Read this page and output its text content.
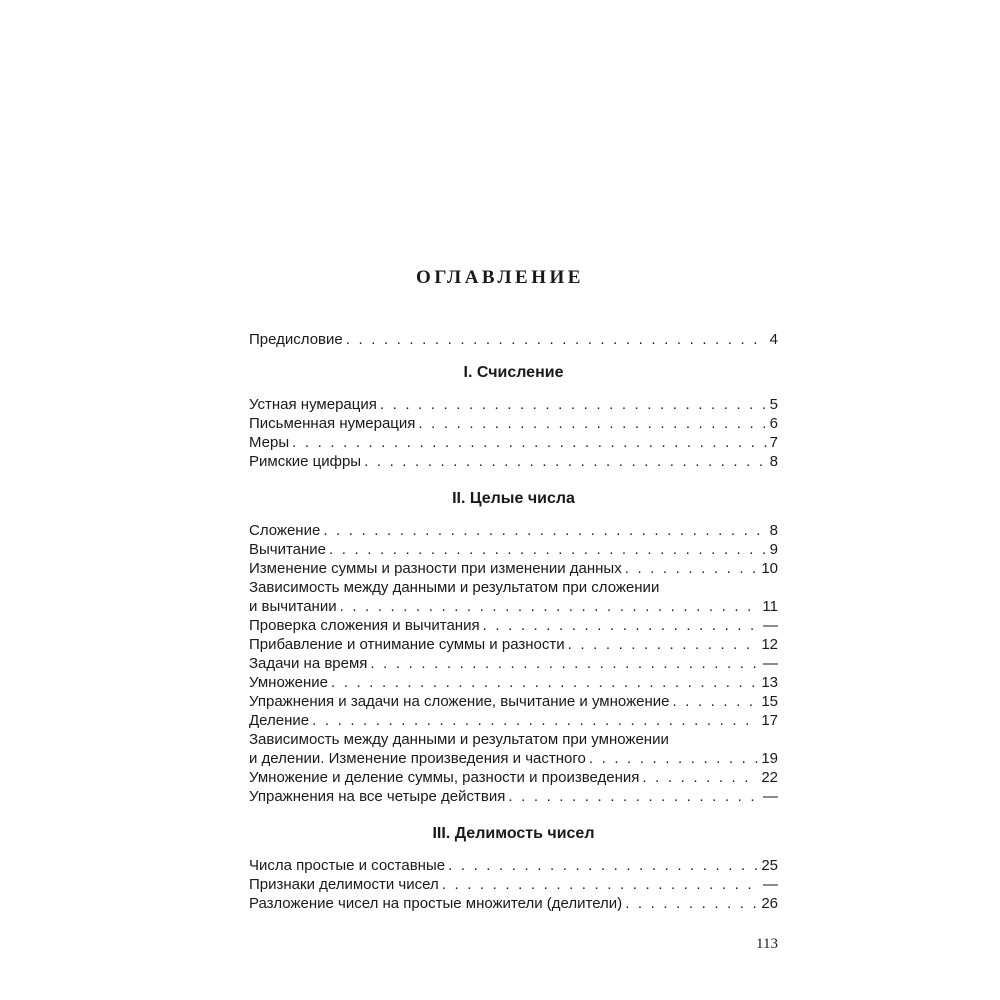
ОГЛАВЛЕНИЕ
Предисловие . . .	4
I. Счисление
Устная нумерация . . .	5
Письменная нумерация . . .	6
Меры . . .	7
Римские цифры . . .	8
II. Целые числа
Сложение . . .	8
Вычитание . . .	9
Изменение суммы и разности при изменении данных . . .	10
Зависимость между данными и результатом при сложении
и вычитании . . .	11
Проверка сложения и вычитания . . .	—
Прибавление и отнимание суммы и разности . . .	12
Задачи на время . . .	—
Умножение . . .	13
Упражнения и задачи на сложение, вычитание и умножение . . .	15
Деление . . .	17
Зависимость между данными и результатом при умножении
и делении. Изменение произведения и частного . . .	19
Умножение и деление суммы, разности и произведения . . .	22
Упражнения на все четыре действия . . .	—
III. Делимость чисел
Числа простые и составные . . .	25
Признаки делимости чисел . . .	—
Разложение чисел на простые множители (делители) . . .	26
113
